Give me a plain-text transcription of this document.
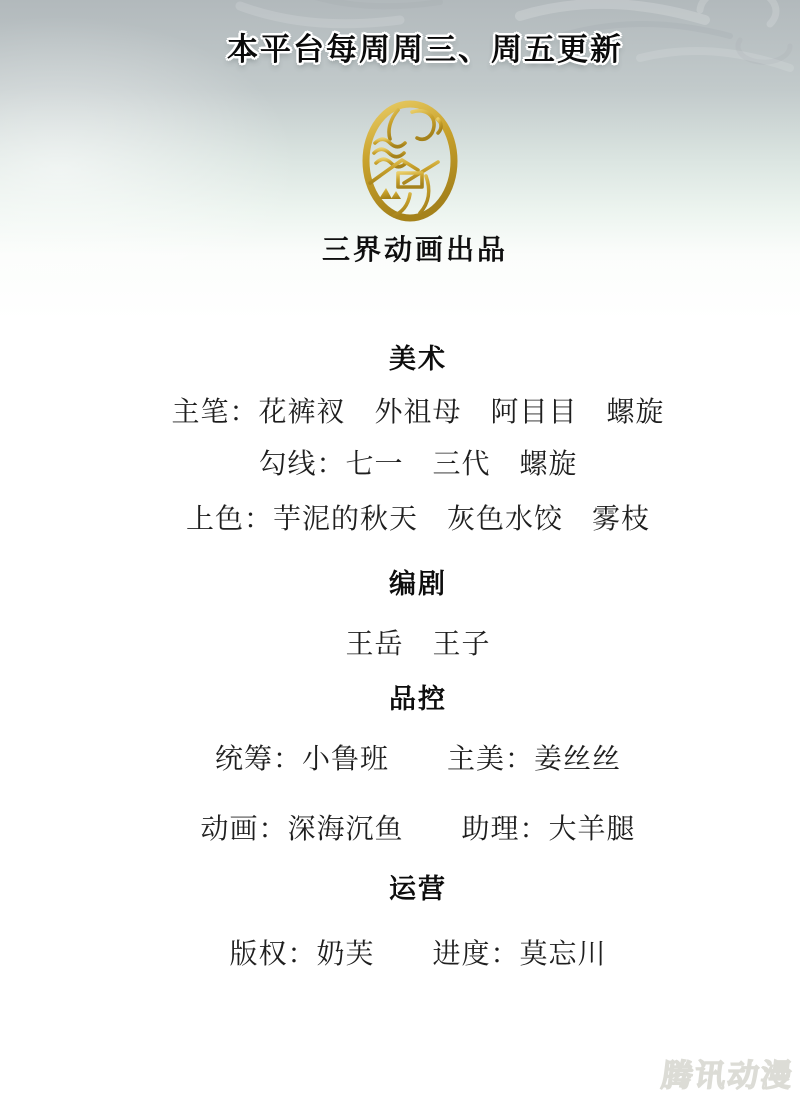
本平台每周周三、周五更新
三界动画出品
美术
主笔：花裤衩　外祖母　阿目目　螺旋
勾线：七一　三代　螺旋
上色：芋泥的秋天　灰色水饺　雾枝
编剧
王岳　王子
品控
统筹：小鲁班　　主美：姜丝丝
动画：深海沉鱼　　助理：大羊腿
运营
版权：奶芙　　进度：莫忘川
腾讯动漫
